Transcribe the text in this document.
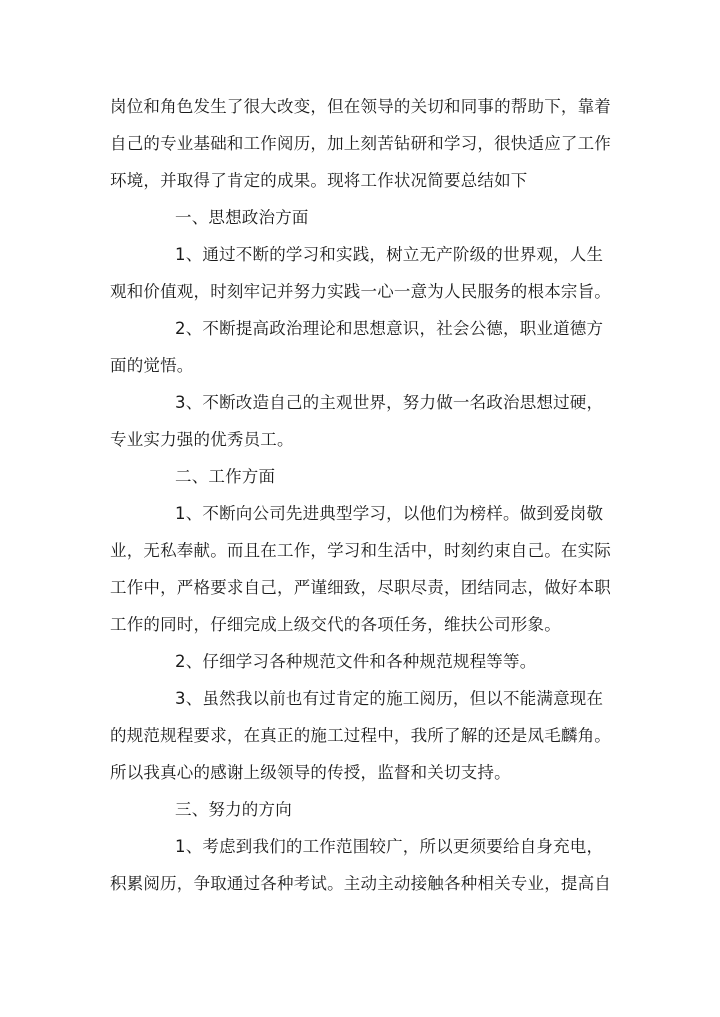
岗位和角色发生了很大改变，但在领导的关切和同事的帮助下，靠着
自己的专业基础和工作阅历，加上刻苦钻研和学习，很快适应了工作
环境，并取得了肯定的成果。现将工作状况简要总结如下
一、思想政治方面
1、通过不断的学习和实践，树立无产阶级的世界观，人生
观和价值观，时刻牢记并努力实践一心一意为人民服务的根本宗旨。
2、不断提高政治理论和思想意识，社会公德，职业道德方
面的觉悟。
3、不断改造自己的主观世界，努力做一名政治思想过硬，
专业实力强的优秀员工。
二、工作方面
1、不断向公司先进典型学习，以他们为榜样。做到爱岗敬
业，无私奉献。而且在工作，学习和生活中，时刻约束自己。在实际
工作中，严格要求自己，严谨细致，尽职尽责，团结同志，做好本职
工作的同时，仔细完成上级交代的各项任务，维扶公司形象。
2、仔细学习各种规范文件和各种规范规程等等。
3、虽然我以前也有过肯定的施工阅历，但以不能满意现在
的规范规程要求，在真正的施工过程中，我所了解的还是凤毛麟角。
所以我真心的感谢上级领导的传授，监督和关切支持。
三、努力的方向
1、考虑到我们的工作范围较广，所以更须要给自身充电，
积累阅历，争取通过各种考试。主动主动接触各种相关专业，提高自
